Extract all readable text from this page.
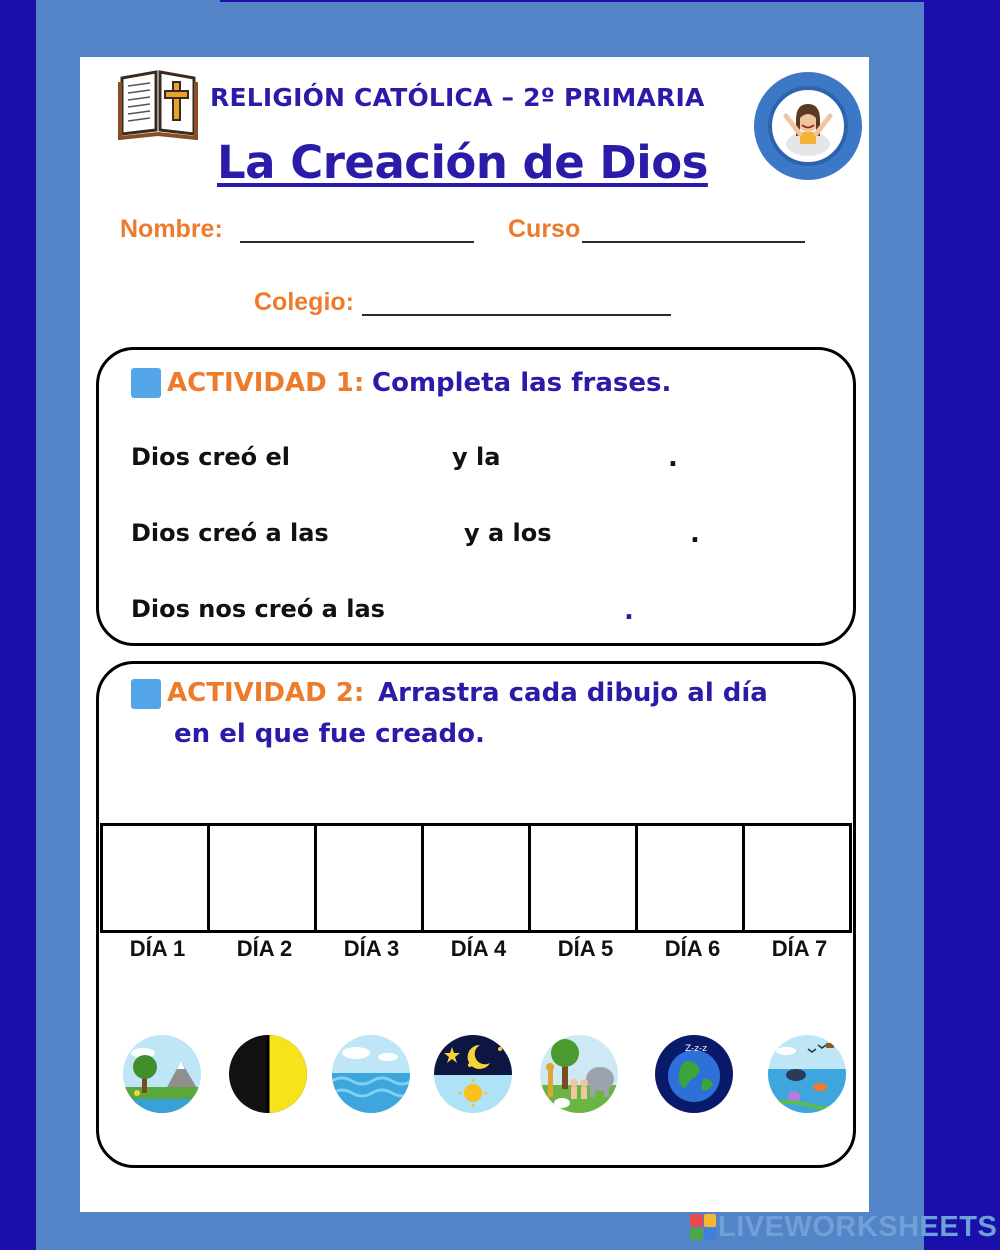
RELIGIÓN CATÓLICA – 2º PRIMARIA
La Creación de Dios
Nombre:	Curso
Colegio:
ACTIVIDAD 1: Completa las frases.
Dios creó el	y la	.
Dios creó a las	y a los	.
Dios nos creó a las	.
ACTIVIDAD 2: Arrastra cada dibujo al día
en el que fue creado.
DÍA 1	DÍA 2	DÍA 3	DÍA 4	DÍA 5	DÍA 6	DÍA 7
Z-z-z
LIVEWORKSHEETS
